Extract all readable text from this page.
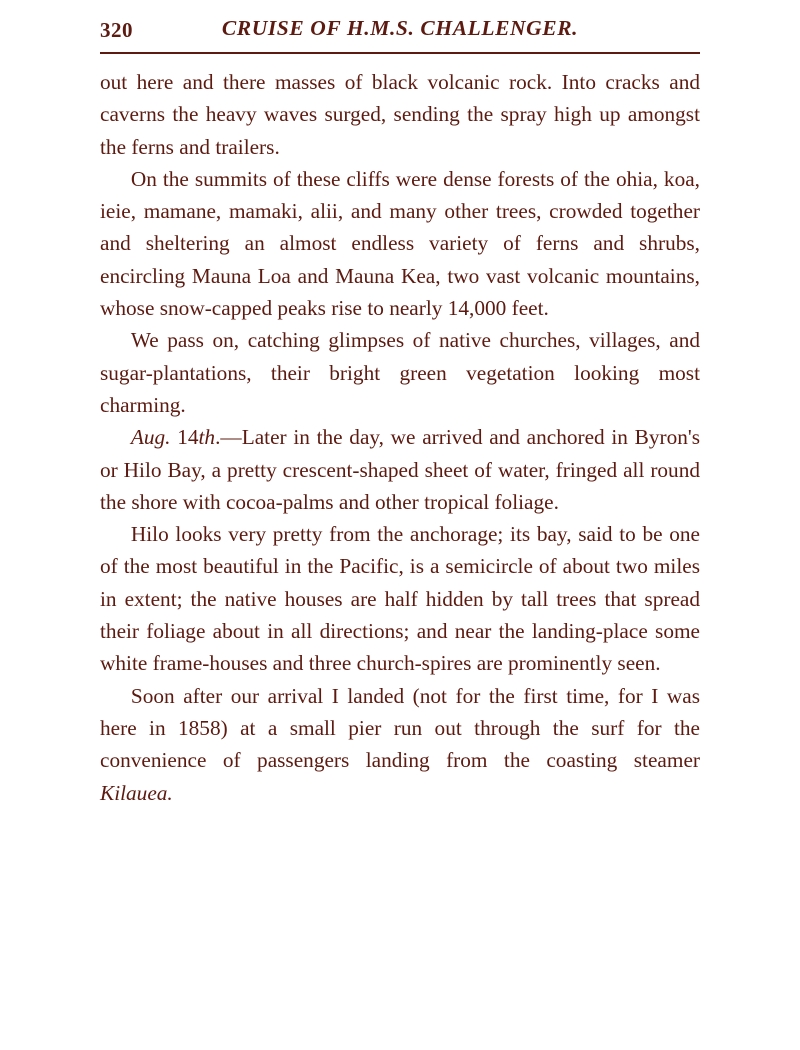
320	CRUISE OF H.M.S. CHALLENGER.

out here and there masses of black volcanic rock. Into cracks and caverns the heavy waves surged, sending the spray high up amongst the ferns and trailers.

On the summits of these cliffs were dense forests of the ohia, koa, ieie, mamane, mamaki, alii, and many other trees, crowded together and sheltering an almost endless variety of ferns and shrubs, encircling Mauna Loa and Mauna Kea, two vast volcanic mountains, whose snow-capped peaks rise to nearly 14,000 feet.

We pass on, catching glimpses of native churches, villages, and sugar-plantations, their bright green vegetation looking most charming.

Aug. 14th.—Later in the day, we arrived and anchored in Byron's or Hilo Bay, a pretty crescent-shaped sheet of water, fringed all round the shore with cocoa-palms and other tropical foliage.

Hilo looks very pretty from the anchorage; its bay, said to be one of the most beautiful in the Pacific, is a semicircle of about two miles in extent; the native houses are half hidden by tall trees that spread their foliage about in all directions; and near the landing-place some white frame-houses and three church-spires are prominently seen.

Soon after our arrival I landed (not for the first time, for I was here in 1858) at a small pier run out through the surf for the convenience of passengers landing from the coasting steamer Kilauea.
